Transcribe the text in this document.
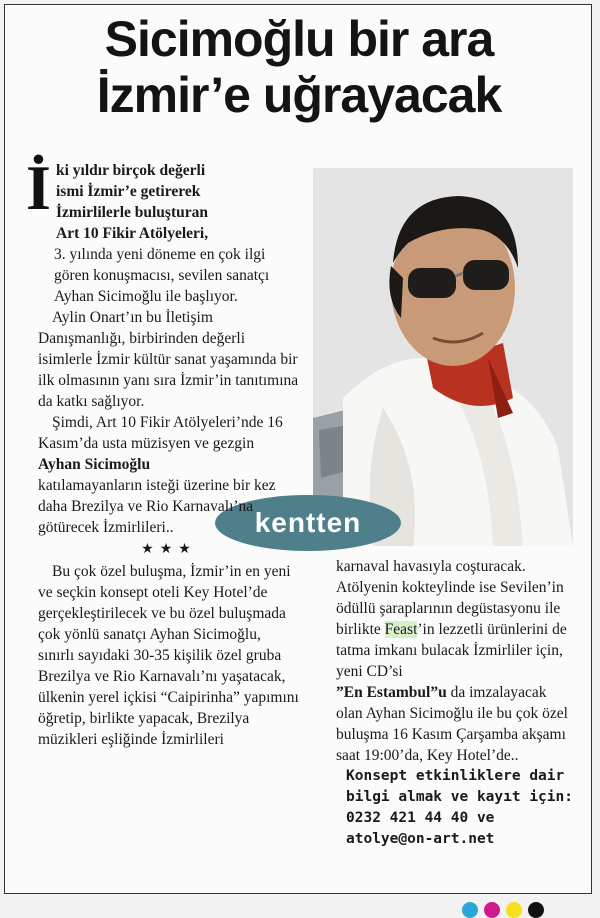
Sicimoğlu bir ara
İzmir’e uğrayacak
kentten
İ ki yıldır birçok değerli
ismi İzmir’e getirerek
İzmirlilerle buluşturan
Art 10 Fikir Atölyeleri,

3. yılında yeni döneme en çok ilgi gören konuşmacısı, sevilen sanatçı Ayhan Sicimoğlu ile başlıyor.

Aylin Onart’ın bu İletişim Danışmanlığı, birbirinden değerli isimlerle İzmir kültür sanat yaşamında bir ilk olmasının yanı sıra İzmir’in tanıtımına da katkı sağlıyor.

Şimdi, Art 10 Fikir Atölyeleri’nde 16 Kasım’da usta müzisyen ve gezgin
Ayhan Sicimoğlu
katılamayanların isteği üzerine bir kez daha Brezilya ve Rio Karnavalı’na götürecek İzmirlileri..

★★★

Bu çok özel buluşma, İzmir’in en yeni ve seçkin konsept oteli Key Hotel’de gerçekleştirilecek ve bu özel buluşmada çok yönlü sanatçı Ayhan Sicimoğlu, sınırlı sayıdaki 30-35 kişilik özel gruba Brezilya ve Rio Karnavalı’nı yaşatacak, ülkenin yerel içkisi “Caipirinha” yapımını öğretip, birlikte yapacak, Brezilya müzikleri eşliğinde İzmirlileri

karnaval havasıyla coşturacak.

Atölyenin kokteylinde ise Sevilen’in ödüllü şaraplarının degüstasyonu ile birlikte Feast’in lezzetli ürünlerini de tatma imkanı bulacak İzmirliler için, yeni CD’si
”En Estambul”u da imzalayacak olan Ayhan Sicimoğlu ile bu çok özel buluşma 16 Kasım Çarşamba akşamı saat 19:00’da, Key Hotel’de..

Konsept etkinliklere dair
bilgi almak ve kayıt için:
0232 421 44 40 ve
atolye@on-art.net
